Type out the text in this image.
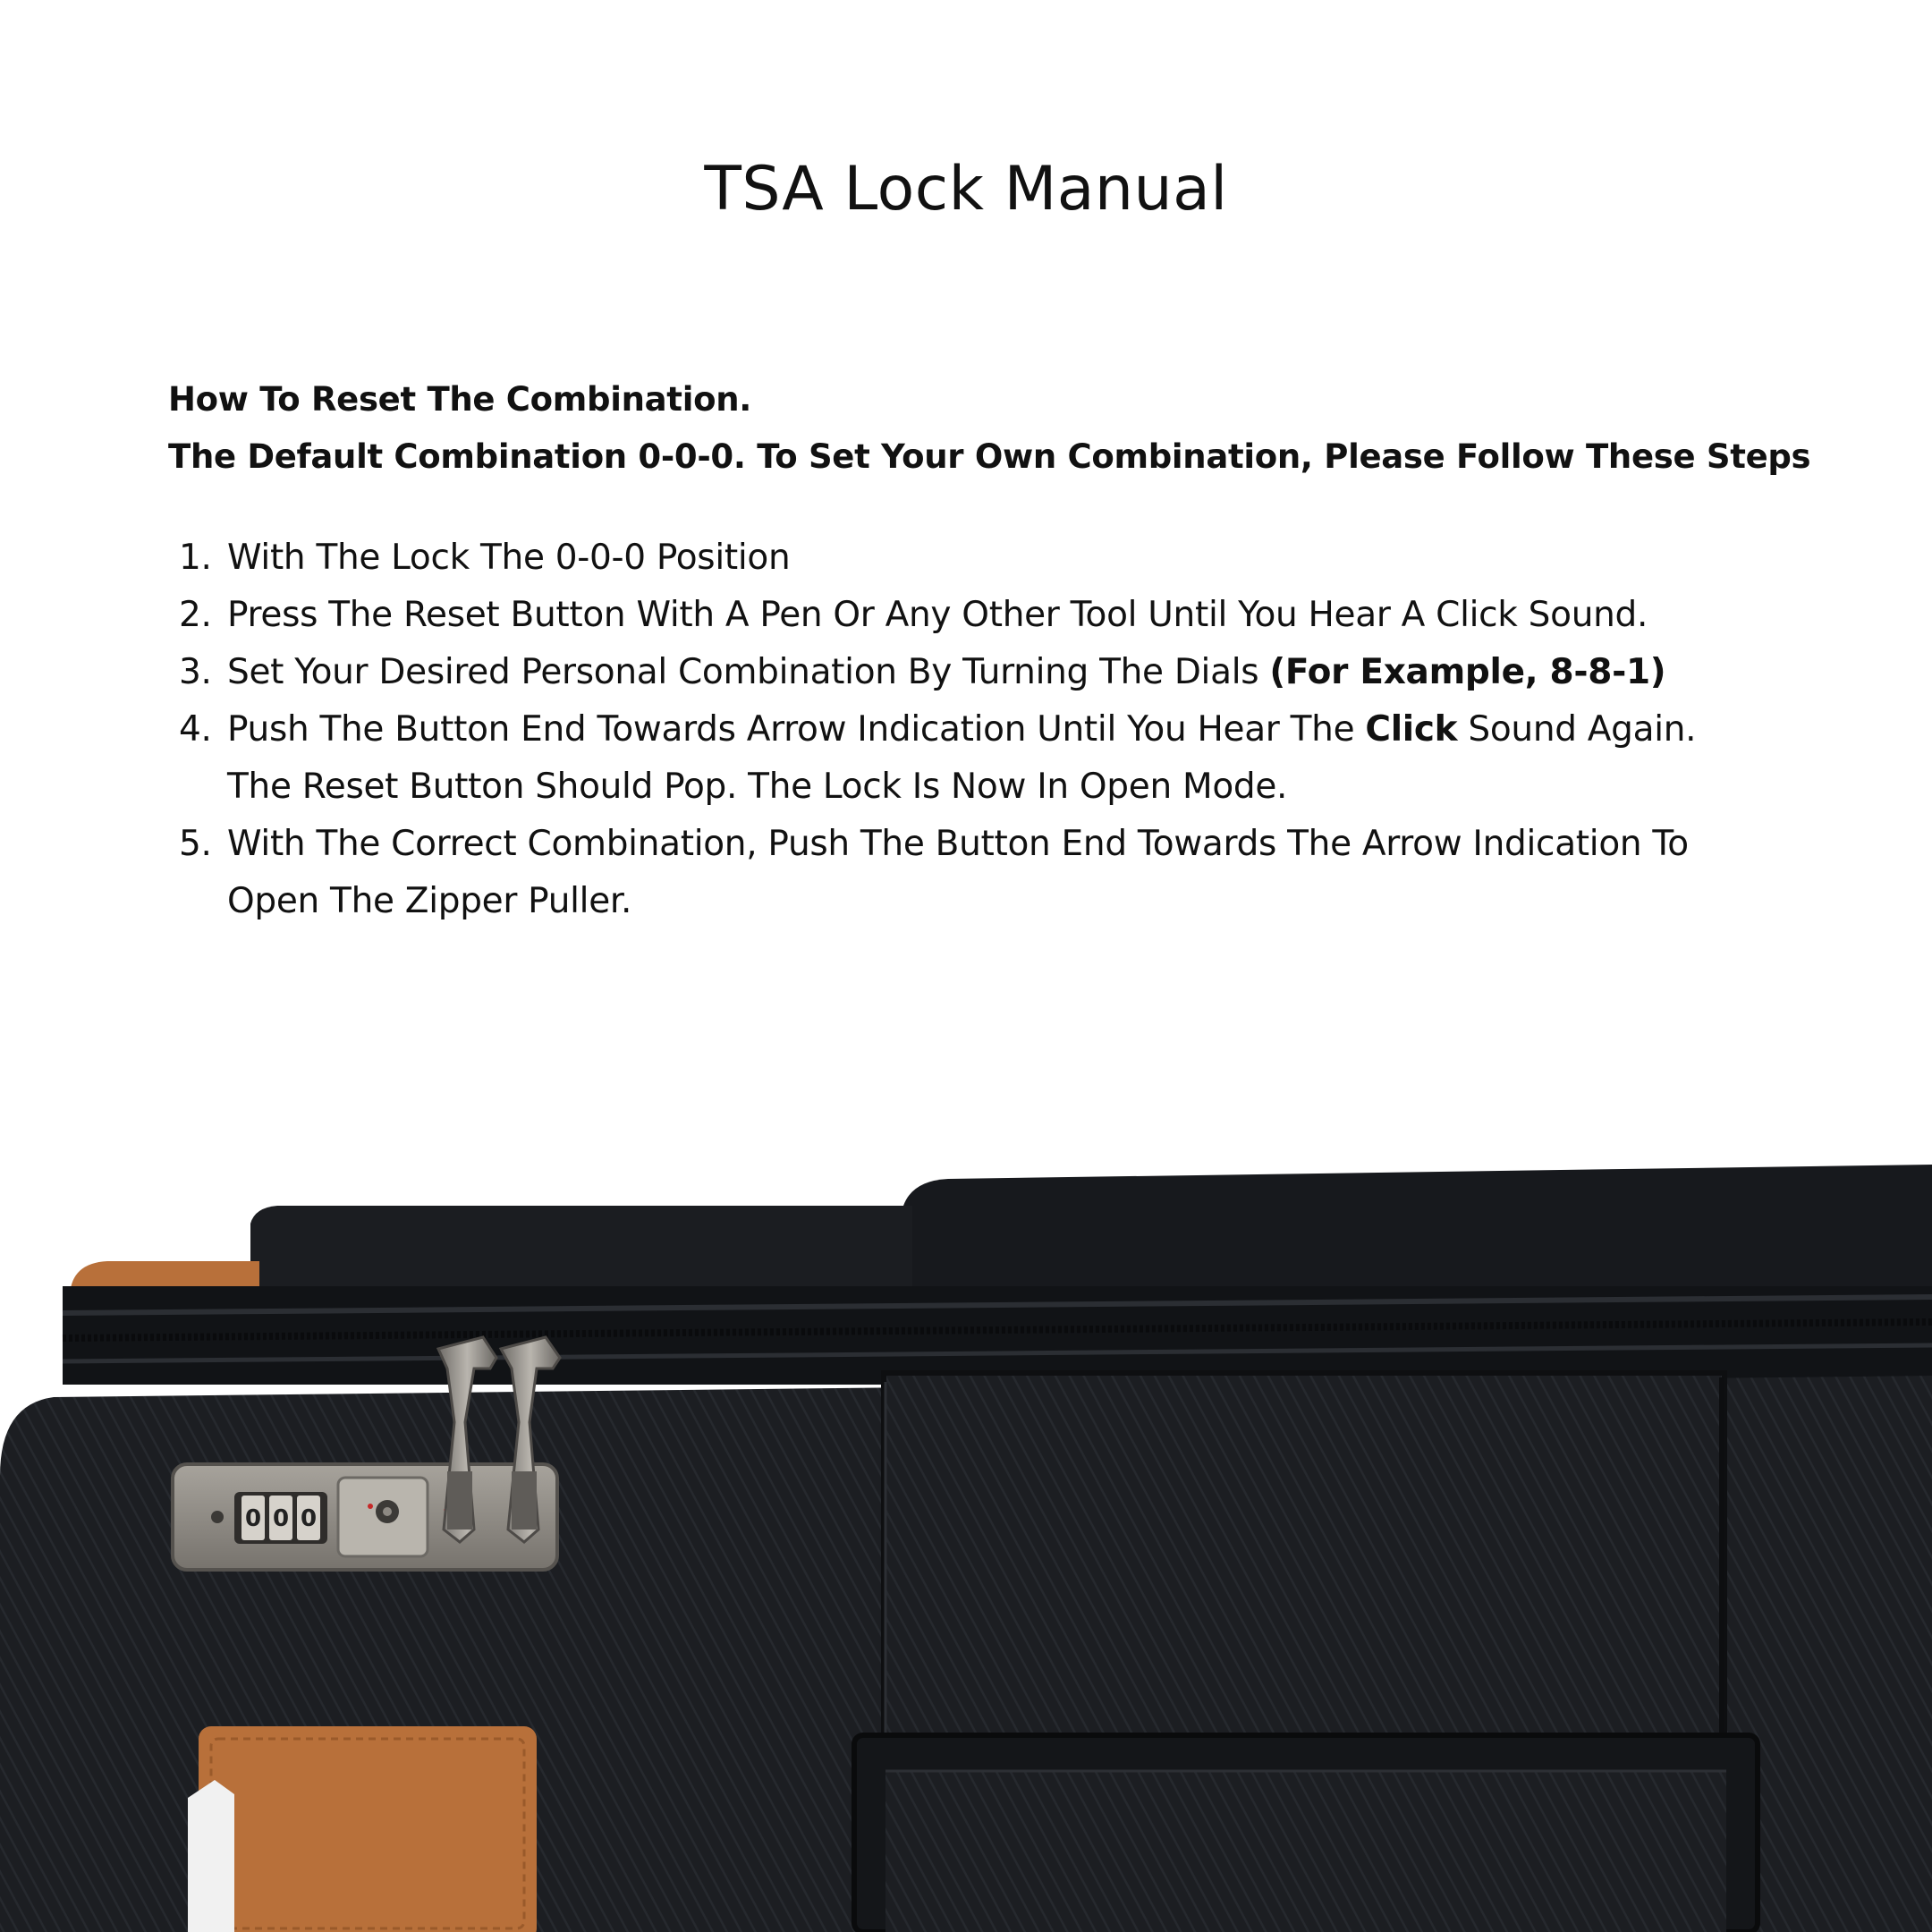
TSA Lock Manual

How To Reset The Combination.

The Default Combination 0-0-0. To Set Your Own Combination, Please Follow These Steps

1. With The Lock The 0-0-0 Position
2. Press The Reset Button With A Pen Or Any Other Tool Until You Hear A Click Sound.
3. Set Your Desired Personal Combination By Turning The Dials (For Example, 8-8-1)
4. Push The Button End Towards Arrow Indication Until You Hear The Click Sound Again.
The Reset Button Should Pop. The Lock Is Now In Open Mode.
5. With The Correct Combination, Push The Button End Towards The Arrow Indication To
Open The Zipper Puller.
0 0 0
